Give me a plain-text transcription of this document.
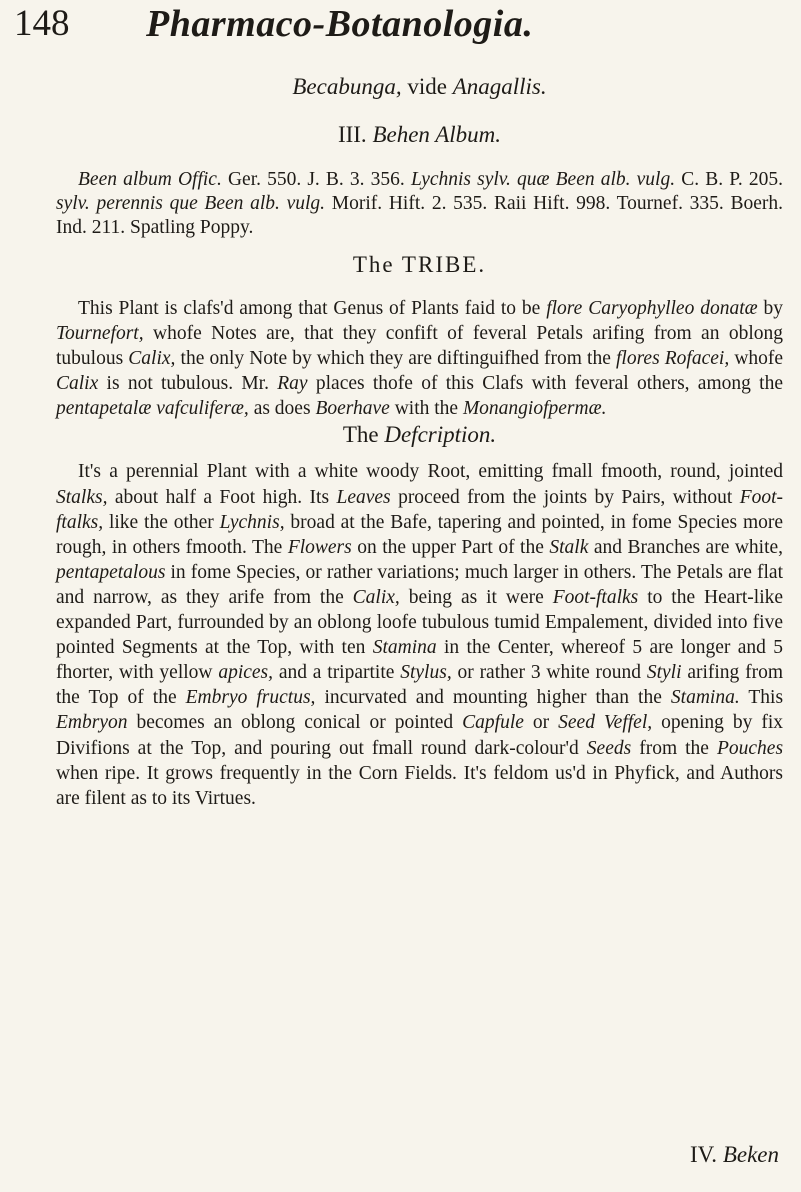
148 Pharmaco-Botanologia.
Becabunga, vide Anagallis.
III. Behen Album.

Been album Offic. Ger. 550. J. B. 3. 356. Lychnis sylv. quæ Been alb. vulg. C. B. P. 205. sylv. perennis que Been alb. vulg. Morif. Hift. 2. 535. Raii Hift. 998. Tournef. 335. Boerh. Ind. 211. Spatling Poppy.

The TRIBE.

This Plant is clafs'd among that Genus of Plants faid to be flore Caryophylleo donatæ by Tournefort, whofe Notes are, that they confift of feveral Petals arifing from an oblong tubulous Calix, the only Note by which they are diftinguifhed from the flores Rofacei, whofe Calix is not tubulous. Mr. Ray places thofe of this Clafs with feveral others, among the pentapetalæ vafculiferæ, as does Boerhave with the Monangiofpermæ.

The Defcription.

It's a perennial Plant with a white woody Root, emitting fmall fmooth, round, jointed Stalks, about half a Foot high. Its Leaves proceed from the joints by Pairs, without Foot-ftalks, like the other Lychnis, broad at the Bafe, tapering and pointed, in fome Species more rough, in others fmooth. The Flowers on the upper Part of the Stalk and Branches are white, pentapetalous in fome Species, or rather variations; much larger in others. The Petals are flat and narrow, as they arife from the Calix, being as it were Foot-ftalks to the Heart-like expanded Part, furrounded by an oblong loofe tubulous tumid Empalement, divided into five pointed Segments at the Top, with ten Stamina in the Center, whereof 5 are longer and 5 fhorter, with yellow apices, and a tripartite Stylus, or rather 3 white round Styli arifing from the Top of the Embryo fructus, incurvated and mounting higher than the Stamina. This Embryon becomes an oblong conical or pointed Capfule or Seed Veffel, opening by fix Divifions at the Top, and pouring out fmall round dark-colour'd Seeds from the Pouches when ripe. It grows frequently in the Corn Fields. It's feldom us'd in Phyfick, and Authors are filent as to its Virtues.

IV. Beken
